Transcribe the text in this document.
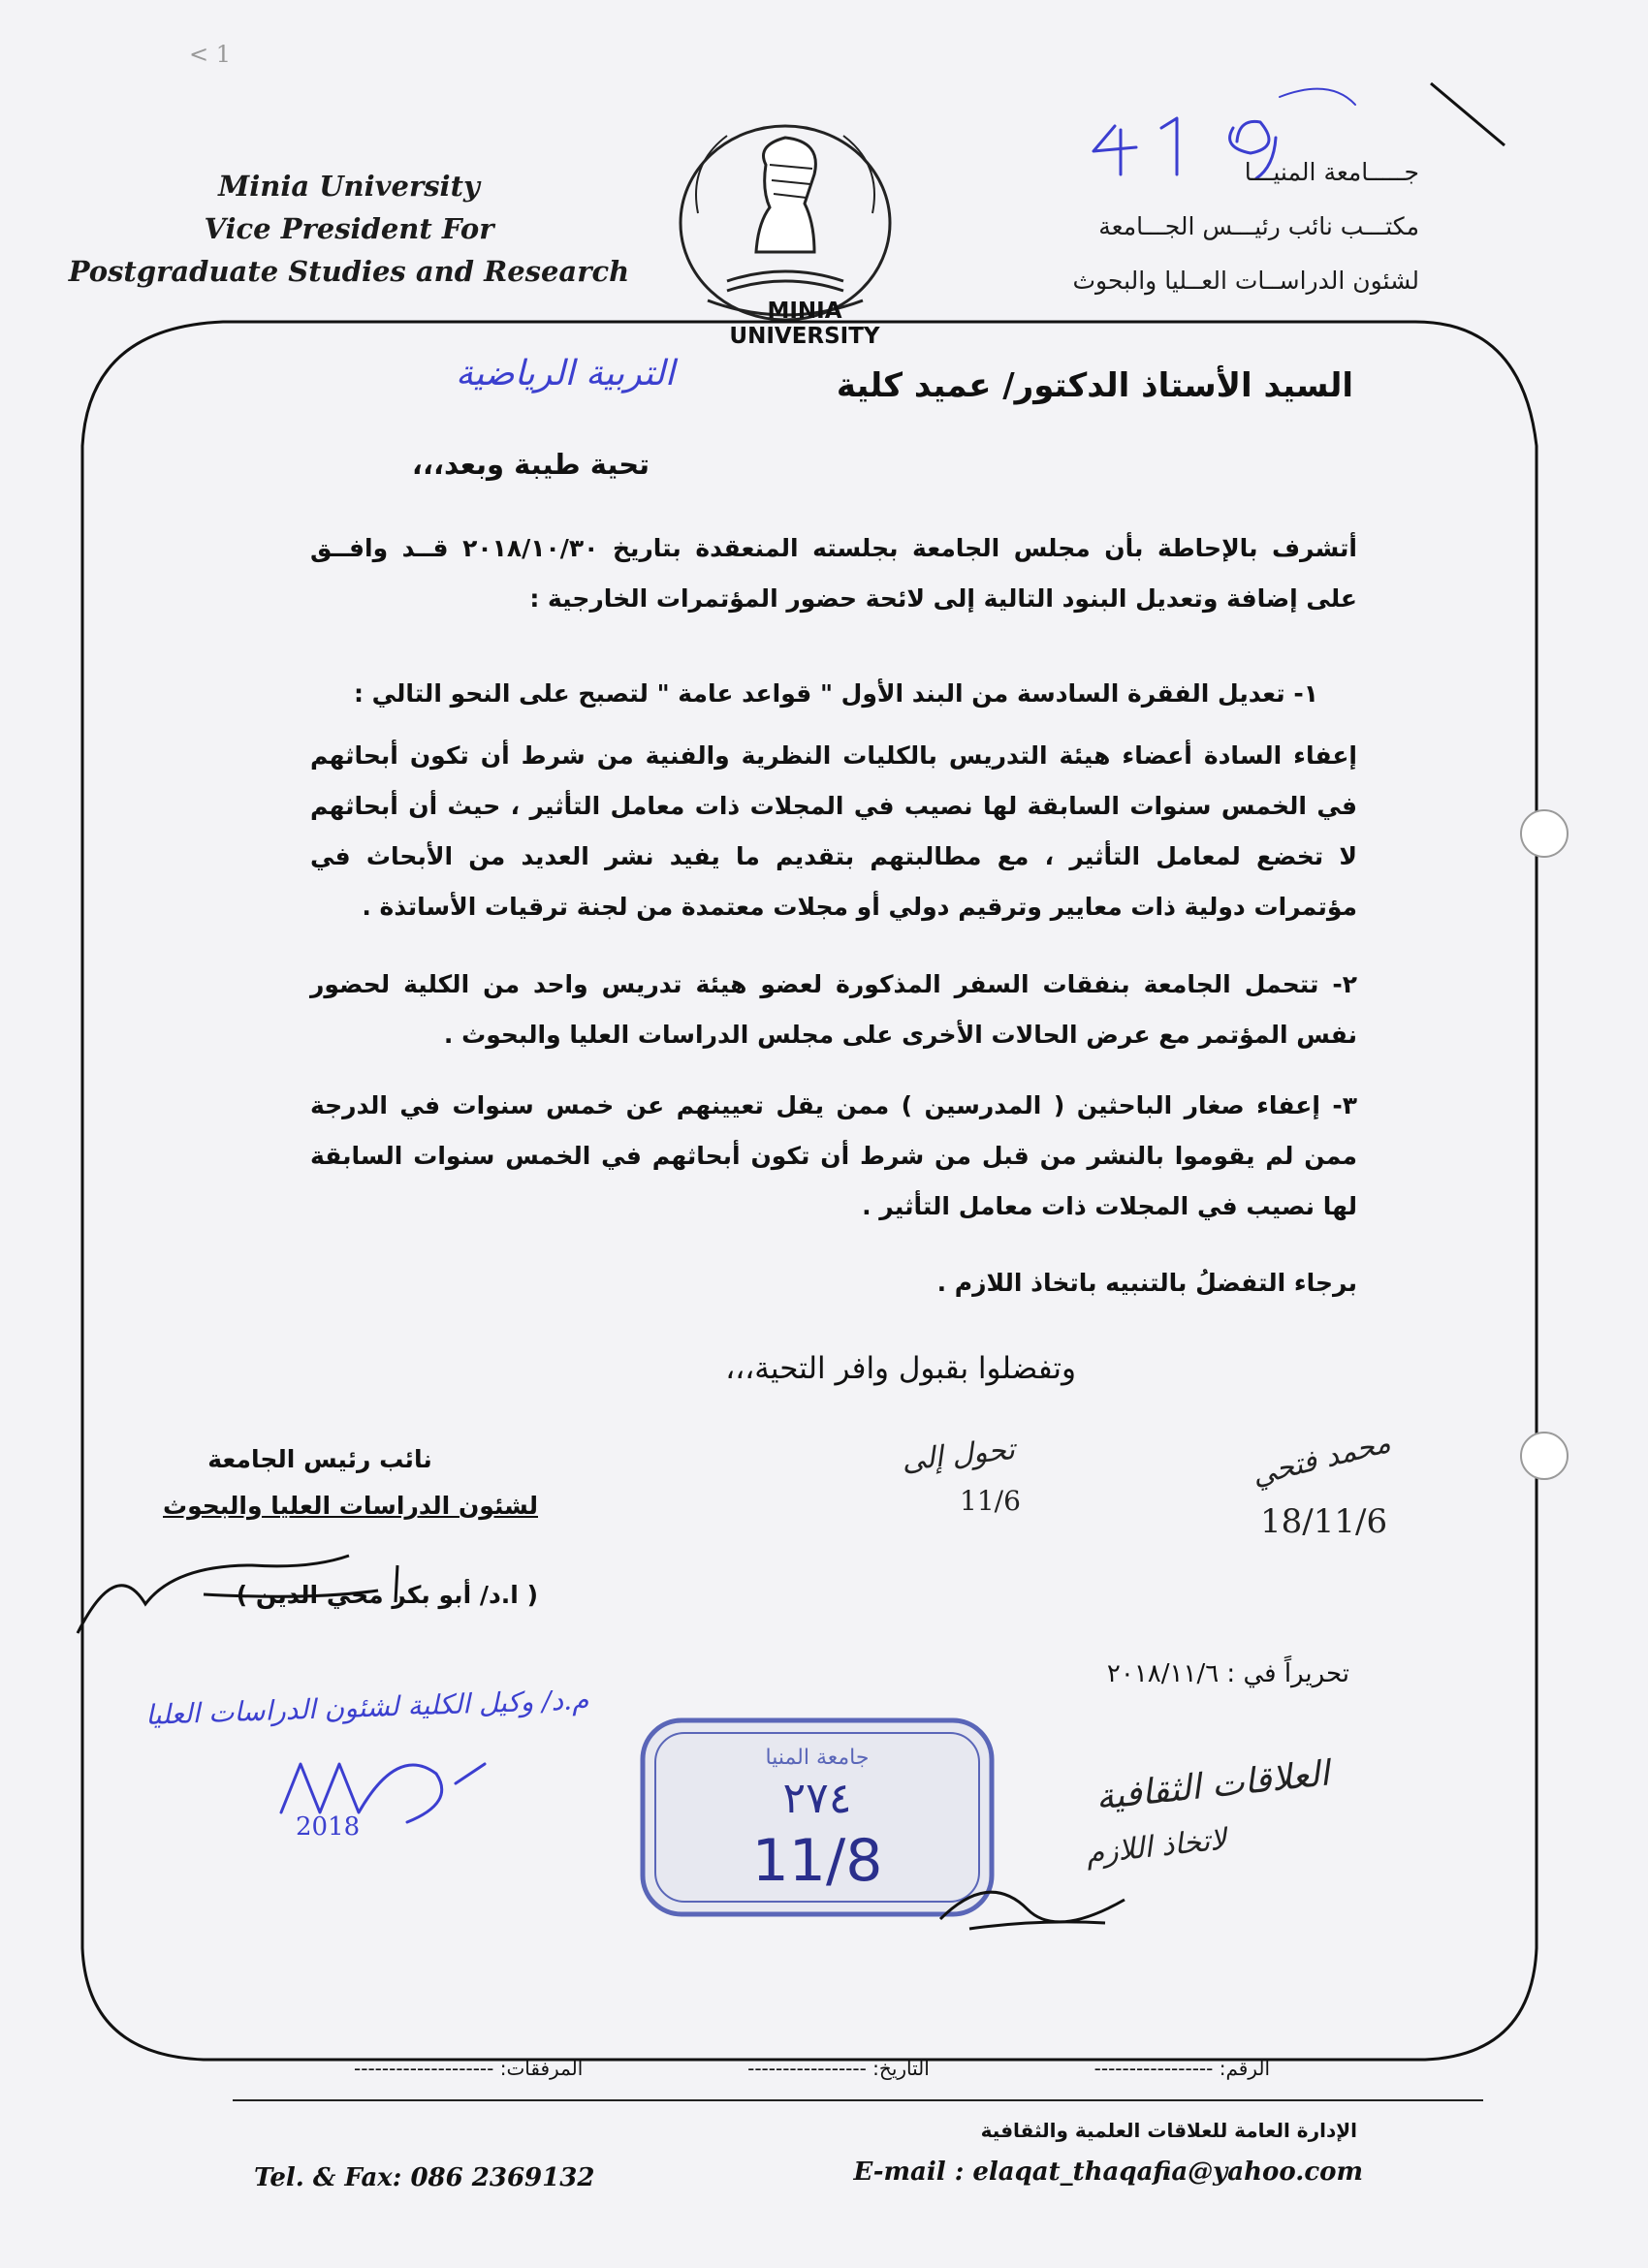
< 1
Minia University
Vice President For
Postgraduate Studies and Research
MINIA UNIVERSITY
جـــــامعة المنيـــا
مكتـــب نائب رئيـــس الجـــامعة
لشئون الدراســات العــليا والبحوث
التربية الرياضية	السيد الأستاذ الدكتور/ عميد كلية
تحية طيبة وبعد،،،

أتشرف بالإحاطة بأن مجلس الجامعة بجلسته المنعقدة بتاريخ ٢٠١٨/١٠/٣٠ قــد وافــق على إضافة وتعديل البنود التالية إلى لائحة حضور المؤتمرات الخارجية :

١- تعديل الفقرة السادسة من البند الأول " قواعد عامة " لتصبح على النحو التالي :

إعفاء السادة أعضاء هيئة التدريس بالكليات النظرية والفنية من شرط أن تكون أبحاثهم في الخمس سنوات السابقة لها نصيب في المجلات ذات معامل التأثير ، حيث أن أبحاثهم لا تخضع لمعامل التأثير ، مع مطالبتهم بتقديم ما يفيد نشر العديد من الأبحاث في مؤتمرات دولية ذات معايير وترقيم دولي أو مجلات معتمدة من لجنة ترقيات الأساتذة .

٢- تتحمل الجامعة بنفقات السفر المذكورة لعضو هيئة تدريس واحد من الكلية لحضور نفس المؤتمر مع عرض الحالات الأخرى على مجلس الدراسات العليا والبحوث .

٣- إعفاء صغار الباحثين ( المدرسين ) ممن يقل تعيينهم عن خمس سنوات في الدرجة ممن لم يقوموا بالنشر من قبل من شرط أن تكون أبحاثهم في الخمس سنوات السابقة لها نصيب في المجلات ذات معامل التأثير .

برجاء التفضلُ بالتنبيه باتخاذ اللازم .

وتفضلوا بقبول وافر التحية،،،
محمد فتحي
18/11/6
تحول إلى
11/6
نائب رئيس الجامعة
لشئون الدراسات العليا والبحوث
( ا.د/ أبو بكر محي الدين )
تحريراً في : ٢٠١٨/١١/٦
م.د/ وكيل الكلية لشئون الدراسات العليا
2018
جامعة المنيا
٢٧٤
11/8
العلاقات الثقافية
لاتخاذ اللازم
الرقم: -----------------
التاريخ: -----------------
المرفقات: --------------------
الإدارة العامة للعلاقات العلمية والثقافية
E-mail : elaqat_thaqafia@yahoo.com
Tel. & Fax: 086 2369132
